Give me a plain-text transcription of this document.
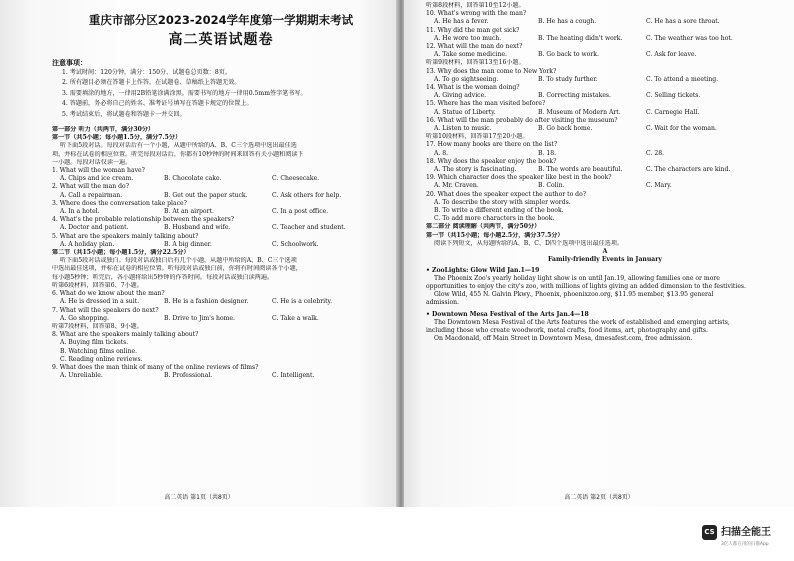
重庆市部分区2023-2024学年度第一学期期末考试
高二英语试题卷
注意事项：
1. 考试时间：120分钟，满分：150分，试题卷总页数：8页。
2. 所有题目必须在答题卡上作答，在试题卷、草稿纸上答题无效。
3. 需要填涂的地方，一律用2B铅笔涂满涂黑。需要书写的地方一律用0.5mm签字笔书写。
4. 答题前，务必将自己的姓名、准考证号填写在答题卡规定的位置上。
5. 考试结束后，将试题卷和答题卡一并交回。
第一部分 听力（共两节，满分30分）
第一节（共5小题；每小题1.5分，满分7.5分）
听下面5段对话。每段对话后有一个小题，从题中所给的A、B、C三个选项中选出最佳选
项，并标在试卷的相应位置。听完每段对话后，你都有10秒钟的时间来回答有关小题和阅读下
一小题。每段对话仅读一遍。
1. What will the woman have?
A. Chips and ice cream.	B. Chocolate cake.	C. Cheesecake.
2. What will the man do?
A. Call a repairman.	B. Get out the paper stuck.	C. Ask others for help.
3. Where does the conversation take place?
A. In a hotel.	B. At an airport.	C. In a post office.
4. What's the probable relationship between the speakers?
A. Doctor and patient.	B. Husband and wife.	C. Teacher and student.
5. What are the speakers mainly talking about?
A. A holiday plan.	B. A big dinner.	C. Schoolwork.
第二节（共15小题；每小题1.5分，满分22.5分）
听下面5段对话或独白。每段对话或独白后有几个小题，从题中所给的A、B、C三个选项
中选出最佳选项，并标在试卷的相应位置。听每段对话或独白前，你将有时间阅读各个小题，
每小题5秒钟；听完后，各小题将给出5秒钟的作答时间。每段对话或独白读两遍。
听第6段材料，回答第6、7小题。
6. What do we know about the man?
A. He is dressed in a suit.	B. He is a fashion designer.	C. He is a celebrity.
7. What will the speakers do next?
A. Go shopping.	B. Drive to Jim's home.	C. Take a walk.
听第7段材料，回答第8、9小题。
8. What are the speakers mainly talking about?
A. Buying film tickets.
B. Watching films online.
C. Reading online reviews.
9. What does the man think of many of the online reviews of films?
A. Unreliable.	B. Professional.	C. Intelligent.
高二英语 第1页（共8页）
听第8段材料，回答第10至12小题。
10. What's wrong with the man?
A. He has a fever.	B. He has a cough.	C. He has a sore throat.
11. Why did the man get sick?
A. He wore too much.	B. The heating didn't work.	C. The weather was too hot.
12. What will the man do next?
A. Take some medicine.	B. Go back to work.	C. Ask for leave.
听第9段材料，回答第13至16小题。
13. Why does the man come to New York?
A. To go sightseeing.	B. To study further.	C. To attend a meeting.
14. What is the woman doing?
A. Giving advice.	B. Correcting mistakes.	C. Selling tickets.
15. Where has the man visited before?
A. Statue of Liberty.	B. Museum of Modern Art.	C. Carnegie Hall.
16. What will the man probably do after visiting the museum?
A. Listen to music.	B. Go back home.	C. Wait for the woman.
听第10段材料，回答第17至20小题。
17. How many books are there on the list?
A. 8.	B. 18.	C. 28.
18. Why does the speaker enjoy the book?
A. The story is fascinating.	B. The words are beautiful.	C. The characters are kind.
19. Which character does the speaker like best in the book?
A. Mr. Craven.	B. Colin.	C. Mary.
20. What does the speaker expect the author to do?
A. To describe the story with simpler words.
B. To write a different ending of the book.
C. To add more characters in the book.
第二部分 阅读理解（共两节，满分50分）
第一节（共15小题；每小题2.5分，满分37.5分）
阅读下列短文，从每题所给的A、B、C、D四个选项中选出最佳选项。
A
Family-friendly Events in January
• ZooLights: Glow Wild Jan.1—19
The Phoenix Zoo's yearly holiday light show is on until Jan.19, allowing families one or more
opportunities to enjoy the city's zoo, with millions of lights giving an added dimension to the festivities.
Glow Wild, 455 N. Galvin Pkwy., Phoenix, phoenixzoo.org, $11.95 member, $13.95 general
admission.
• Downtown Mesa Festival of the Arts Jan.4—18
The Downtown Mesa Festival of the Arts features the work of established and emerging artists,
including those who create woodwork, metal crafts, food items, art, photography and gifts.
On Macdonald, off Main Street in Downtown Mesa, dmesafest.com, free admission.
高二英语 第2页（共8页）
CS 扫描全能王
3亿人都在用的扫描App
